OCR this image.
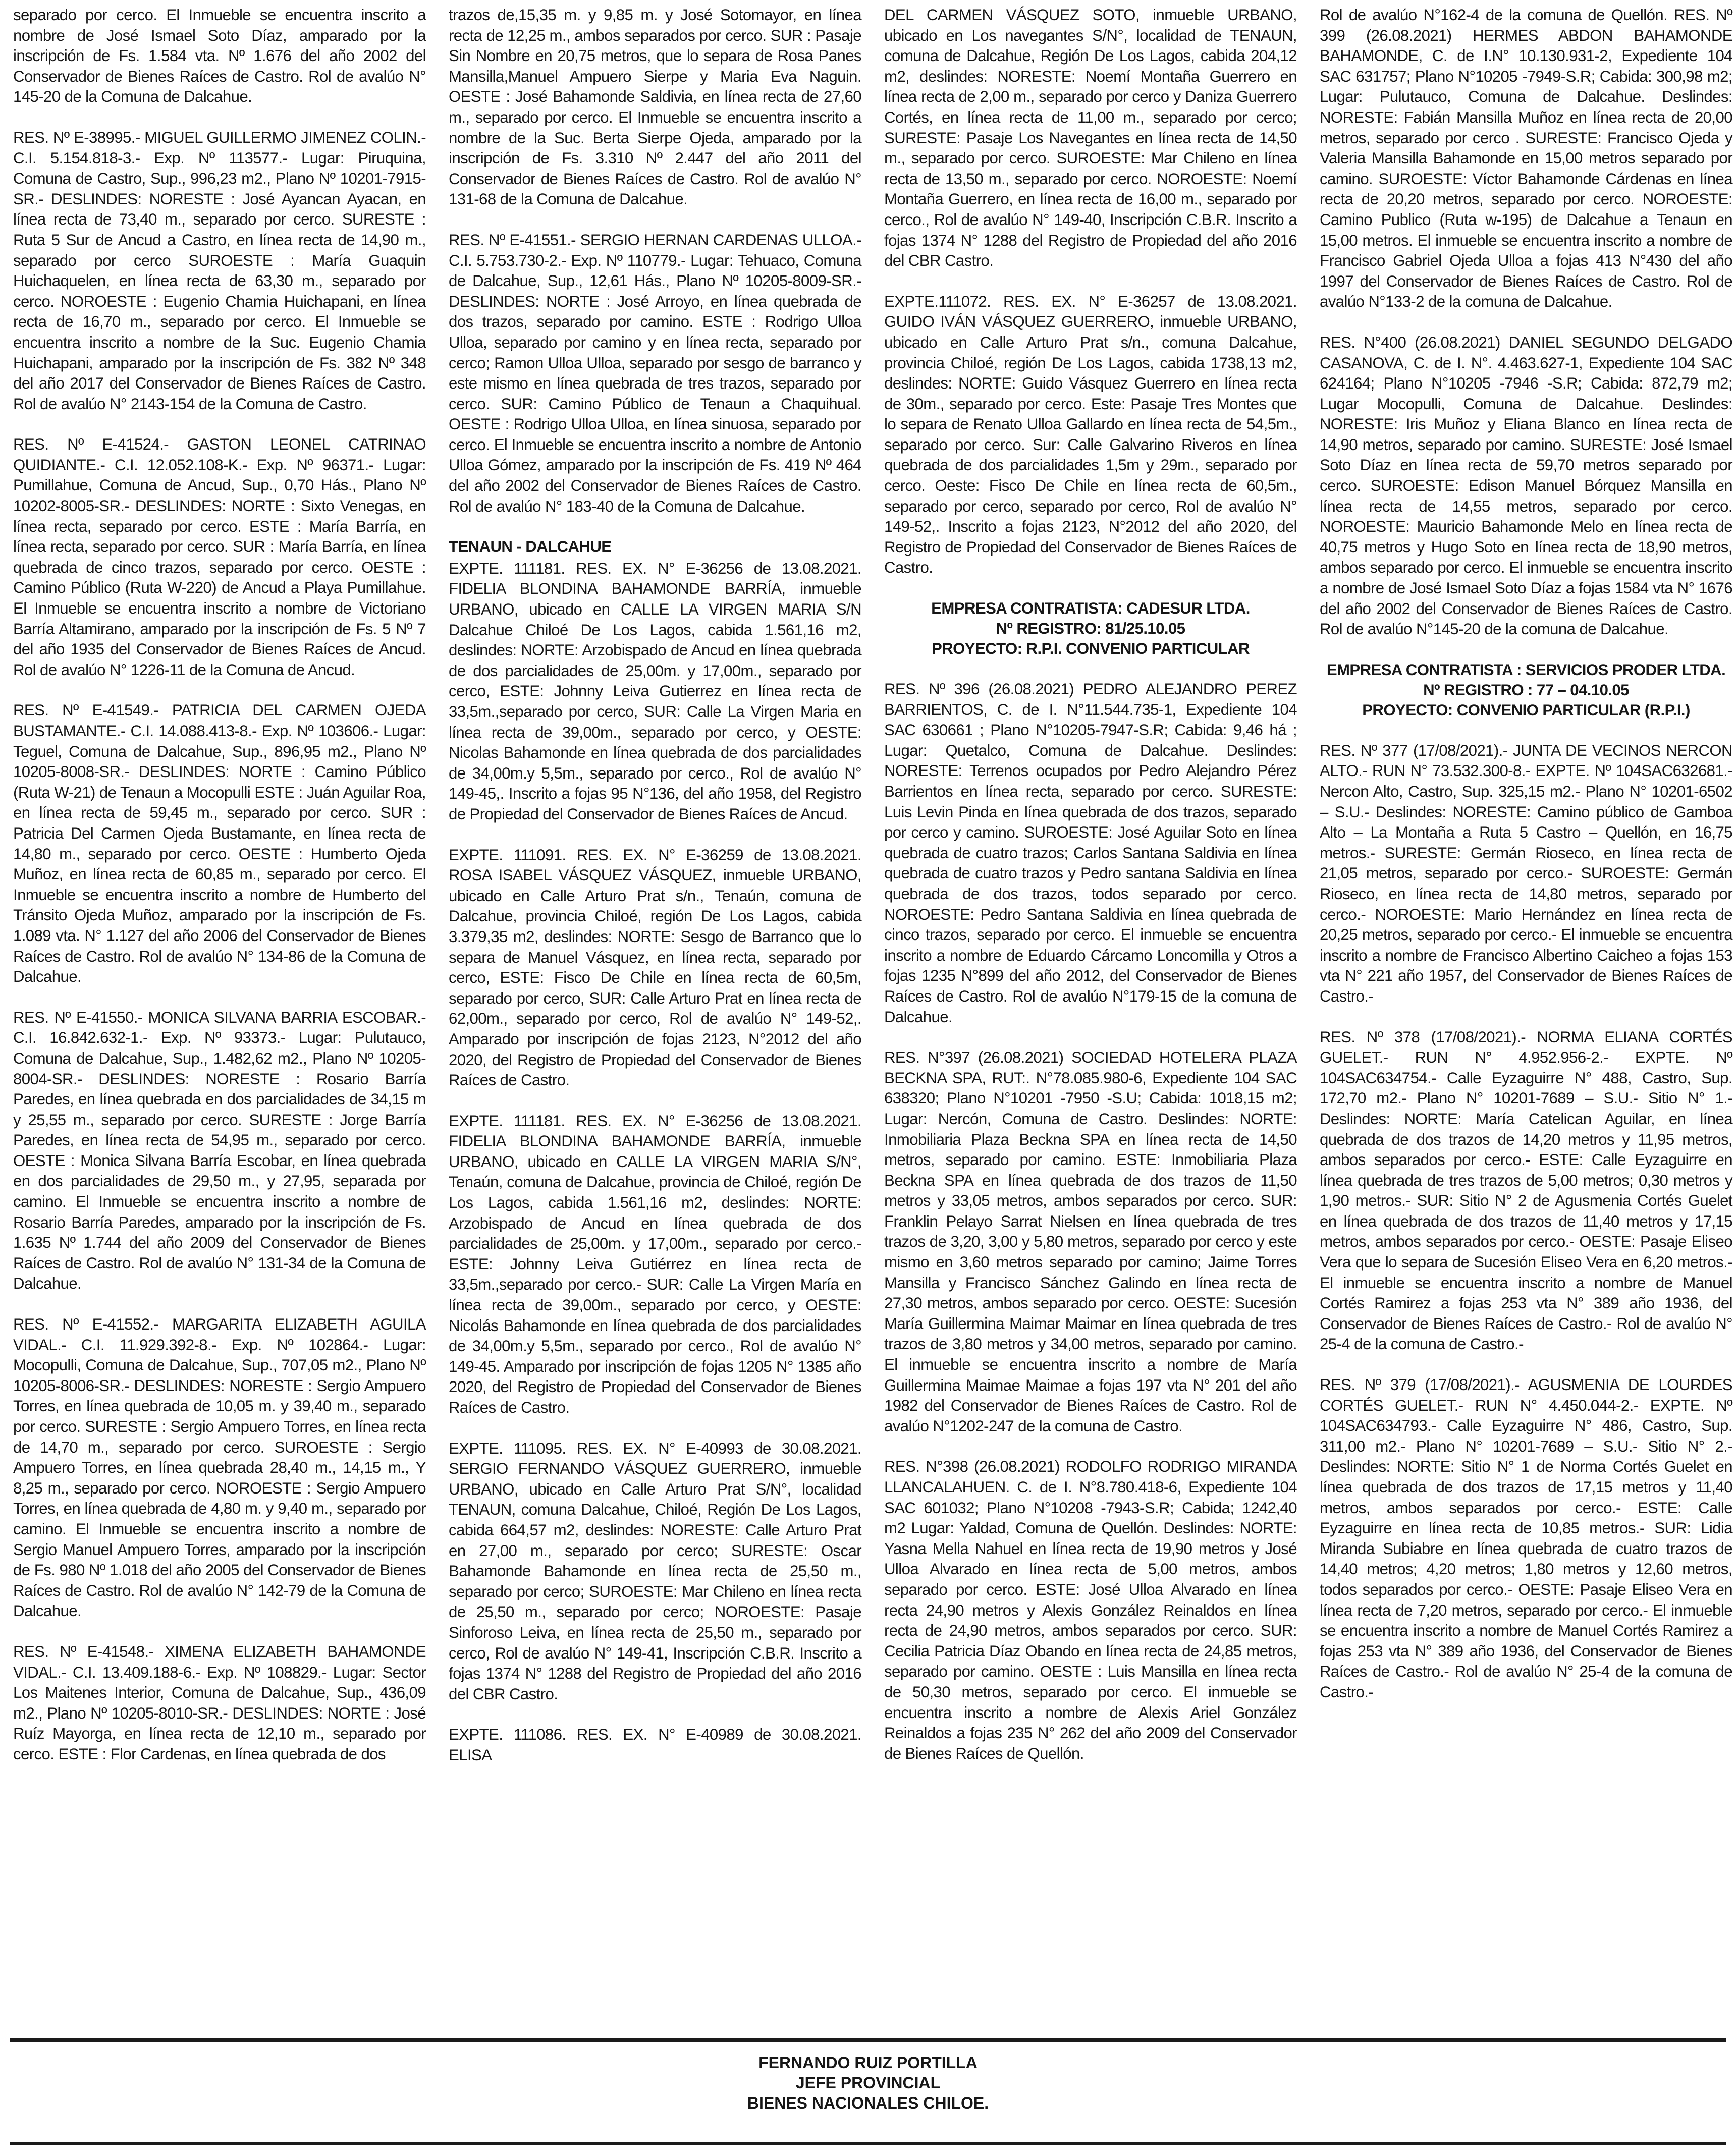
separado por cerco. El Inmueble se encuentra inscrito a nombre de José Ismael Soto Díaz, amparado por la inscripción de Fs. 1.584 vta. Nº 1.676 del año 2002 del Conservador de Bienes Raíces de Castro. Rol de avalúo N° 145-20 de la Comuna de Dalcahue.

RES. Nº E-38995.- MIGUEL GUILLERMO JIMENEZ COLIN.- C.I. 5.154.818-3.- Exp. Nº 113577.- Lugar: Piruquina, Comuna de Castro, Sup., 996,23 m2., Plano Nº 10201-7915-SR.- DESLINDES: NORESTE : José Ayancan Ayacan, en línea recta de 73,40 m., separado por cerco. SURESTE : Ruta 5 Sur de Ancud a Castro, en línea recta de 14,90 m., separado por cerco SUROESTE : María Guaquin Huichaquelen, en línea recta de 63,30 m., separado por cerco. NOROESTE : Eugenio Chamia Huichapani, en línea recta de 16,70 m., separado por cerco. El Inmueble se encuentra inscrito a nombre de la Suc. Eugenio Chamia Huichapani, amparado por la inscripción de Fs. 382 Nº 348 del año 2017 del Conservador de Bienes Raíces de Castro. Rol de avalúo N° 2143-154 de la Comuna de Castro.

RES. Nº E-41524.- GASTON LEONEL CATRINAO QUIDIANTE.- C.I. 12.052.108-K.- Exp. Nº 96371.- Lugar: Pumillahue, Comuna de Ancud, Sup., 0,70 Hás., Plano Nº 10202-8005-SR.- DESLINDES: NORTE : Sixto Venegas, en línea recta, separado por cerco. ESTE : María Barría, en línea recta, separado por cerco. SUR : María Barría, en línea quebrada de cinco trazos, separado por cerco. OESTE : Camino Público (Ruta W-220) de Ancud a Playa Pumillahue. El Inmueble se encuentra inscrito a nombre de Victoriano Barría Altamirano, amparado por la inscripción de Fs. 5 Nº 7 del año 1935 del Conservador de Bienes Raíces de Ancud. Rol de avalúo N° 1226-11 de la Comuna de Ancud.

RES. Nº E-41549.- PATRICIA DEL CARMEN OJEDA BUSTAMANTE.- C.I. 14.088.413-8.- Exp. Nº 103606.- Lugar: Teguel, Comuna de Dalcahue, Sup., 896,95 m2., Plano Nº 10205-8008-SR.- DESLINDES: NORTE : Camino Público (Ruta W-21) de Tenaun a Mocopulli ESTE : Juán Aguilar Roa, en línea recta de 59,45 m., separado por cerco. SUR : Patricia Del Carmen Ojeda Bustamante, en línea recta de 14,80 m., separado por cerco. OESTE : Humberto Ojeda Muñoz, en línea recta de 60,85 m., separado por cerco. El Inmueble se encuentra inscrito a nombre de Humberto del Tránsito Ojeda Muñoz, amparado por la inscripción de Fs. 1.089 vta. N° 1.127 del año 2006 del Conservador de Bienes Raíces de Castro. Rol de avalúo N° 134-86 de la Comuna de Dalcahue.

RES. Nº E-41550.- MONICA SILVANA BARRIA ESCOBAR.- C.I. 16.842.632-1.- Exp. Nº 93373.- Lugar: Pulutauco, Comuna de Dalcahue, Sup., 1.482,62 m2., Plano Nº 10205-8004-SR.- DESLINDES: NORESTE : Rosario Barría Paredes, en línea quebrada en dos parcialidades de 34,15 m y 25,55 m., separado por cerco. SURESTE : Jorge Barría Paredes, en línea recta de 54,95 m., separado por cerco. OESTE : Monica Silvana Barría Escobar, en línea quebrada en dos parcialidades de 29,50 m., y 27,95, separada por camino. El Inmueble se encuentra inscrito a nombre de Rosario Barría Paredes, amparado por la inscripción de Fs. 1.635 Nº 1.744 del año 2009 del Conservador de Bienes Raíces de Castro. Rol de avalúo N° 131-34 de la Comuna de Dalcahue.

RES. Nº E-41552.- MARGARITA ELIZABETH AGUILA VIDAL.- C.I. 11.929.392-8.- Exp. Nº 102864.- Lugar: Mocopulli, Comuna de Dalcahue, Sup., 707,05 m2., Plano Nº 10205-8006-SR.- DESLINDES: NORESTE : Sergio Ampuero Torres, en línea quebrada de 10,05 m. y 39,40 m., separado por cerco. SURESTE : Sergio Ampuero Torres, en línea recta de 14,70 m., separado por cerco. SUROESTE : Sergio Ampuero Torres, en línea quebrada 28,40 m., 14,15 m., Y 8,25 m., separado por cerco. NOROESTE : Sergio Ampuero Torres, en línea quebrada de 4,80 m. y 9,40 m., separado por camino. El Inmueble se encuentra inscrito a nombre de Sergio Manuel Ampuero Torres, amparado por la inscripción de Fs. 980 Nº 1.018 del año 2005 del Conservador de Bienes Raíces de Castro. Rol de avalúo N° 142-79 de la Comuna de Dalcahue.

RES. Nº E-41548.- XIMENA ELIZABETH BAHAMONDE VIDAL.- C.I. 13.409.188-6.- Exp. Nº 108829.- Lugar: Sector Los Maitenes Interior, Comuna de Dalcahue, Sup., 436,09 m2., Plano Nº 10205-8010-SR.- DESLINDES: NORTE : José Ruíz Mayorga, en línea recta de 12,10 m., separado por cerco. ESTE : Flor Cardenas, en línea quebrada de dos

trazos de,15,35 m. y 9,85 m. y José Sotomayor, en línea recta de 12,25 m., ambos separados por cerco. SUR : Pasaje Sin Nombre en 20,75 metros, que lo separa de Rosa Panes Mansilla,Manuel Ampuero Sierpe y Maria Eva Naguin. OESTE : José Bahamonde Saldivia, en línea recta de 27,60 m., separado por cerco. El Inmueble se encuentra inscrito a nombre de la Suc. Berta Sierpe Ojeda, amparado por la inscripción de Fs. 3.310 Nº 2.447 del año 2011 del Conservador de Bienes Raíces de Castro. Rol de avalúo N° 131-68 de la Comuna de Dalcahue.

RES. Nº E-41551.- SERGIO HERNAN CARDENAS ULLOA.- C.I. 5.753.730-2.- Exp. Nº 110779.- Lugar: Tehuaco, Comuna de Dalcahue, Sup., 12,61 Hás., Plano Nº 10205-8009-SR.- DESLINDES: NORTE : José Arroyo, en línea quebrada de dos trazos, separado por camino. ESTE : Rodrigo Ulloa Ulloa, separado por camino y en línea recta, separado por cerco; Ramon Ulloa Ulloa, separado por sesgo de barranco y este mismo en línea quebrada de tres trazos, separado por cerco. SUR: Camino Público de Tenaun a Chaquihual. OESTE : Rodrigo Ulloa Ulloa, en línea sinuosa, separado por cerco. El Inmueble se encuentra inscrito a nombre de Antonio Ulloa Gómez, amparado por la inscripción de Fs. 419 Nº 464 del año 2002 del Conservador de Bienes Raíces de Castro. Rol de avalúo N° 183-40 de la Comuna de Dalcahue.

TENAUN - DALCAHUE

EXPTE. 111181. RES. EX. N° E-36256 de 13.08.2021. FIDELIA BLONDINA BAHAMONDE BARRÍA, inmueble URBANO, ubicado en CALLE LA VIRGEN MARIA S/N Dalcahue Chiloé De Los Lagos, cabida 1.561,16 m2, deslindes: NORTE: Arzobispado de Ancud en línea quebrada de dos parcialidades de 25,00m. y 17,00m., separado por cerco, ESTE: Johnny Leiva Gutierrez en línea recta de 33,5m.,separado por cerco, SUR: Calle La Virgen Maria en línea recta de 39,00m., separado por cerco, y OESTE: Nicolas Bahamonde en línea quebrada de dos parcialidades de 34,00m.y 5,5m., separado por cerco., Rol de avalúo N° 149-45,. Inscrito a fojas 95 N°136, del año 1958, del Registro de Propiedad del Conservador de Bienes Raíces de Ancud.

EXPTE. 111091. RES. EX. N° E-36259 de 13.08.2021. ROSA ISABEL VÁSQUEZ VÁSQUEZ, inmueble URBANO, ubicado en Calle Arturo Prat s/n., Tenaún, comuna de Dalcahue, provincia Chiloé, región De Los Lagos, cabida 3.379,35 m2, deslindes: NORTE: Sesgo de Barranco que lo separa de Manuel Vásquez, en línea recta, separado por cerco, ESTE: Fisco De Chile en línea recta de 60,5m, separado por cerco, SUR: Calle Arturo Prat en línea recta de 62,00m., separado por cerco, Rol de avalúo N° 149-52,. Amparado por inscripción de fojas 2123, N°2012 del año 2020, del Registro de Propiedad del Conservador de Bienes Raíces de Castro.

EXPTE. 111181. RES. EX. N° E-36256 de 13.08.2021. FIDELIA BLONDINA BAHAMONDE BARRÍA, inmueble URBANO, ubicado en CALLE LA VIRGEN MARIA S/N°, Tenaún, comuna de Dalcahue, provincia de Chiloé, región De Los Lagos, cabida 1.561,16 m2, deslindes: NORTE: Arzobispado de Ancud en línea quebrada de dos parcialidades de 25,00m. y 17,00m., separado por cerco.- ESTE: Johnny Leiva Gutiérrez en línea recta de 33,5m.,separado por cerco.- SUR: Calle La Virgen María en línea recta de 39,00m., separado por cerco, y OESTE: Nicolás Bahamonde en línea quebrada de dos parcialidades de 34,00m.y 5,5m., separado por cerco., Rol de avalúo N° 149-45. Amparado por inscripción de fojas 1205 N° 1385 año 2020, del Registro de Propiedad del Conservador de Bienes Raíces de Castro.

EXPTE. 111095. RES. EX. N° E-40993 de 30.08.2021. SERGIO FERNANDO VÁSQUEZ GUERRERO, inmueble URBANO, ubicado en Calle Arturo Prat S/N°, localidad TENAUN, comuna Dalcahue, Chiloé, Región De Los Lagos, cabida 664,57 m2, deslindes: NORESTE: Calle Arturo Prat en 27,00 m., separado por cerco; SURESTE: Oscar Bahamonde Bahamonde en línea recta de 25,50 m., separado por cerco; SUROESTE: Mar Chileno en línea recta de 25,50 m., separado por cerco; NOROESTE: Pasaje Sinforoso Leiva, en línea recta de 25,50 m., separado por cerco, Rol de avalúo N° 149-41, Inscripción C.B.R. Inscrito a fojas 1374 N° 1288 del Registro de Propiedad del año 2016 del CBR Castro.

EXPTE. 111086. RES. EX. N° E-40989 de 30.08.2021. ELISA

DEL CARMEN VÁSQUEZ SOTO, inmueble URBANO, ubicado en Los navegantes S/N°, localidad de TENAUN, comuna de Dalcahue, Región De Los Lagos, cabida 204,12 m2, deslindes: NORESTE: Noemí Montaña Guerrero en línea recta de 2,00 m., separado por cerco y Daniza Guerrero Cortés, en línea recta de 11,00 m., separado por cerco; SURESTE: Pasaje Los Navegantes en línea recta de 14,50 m., separado por cerco. SUROESTE: Mar Chileno en línea recta de 13,50 m., separado por cerco. NOROESTE: Noemí Montaña Guerrero, en línea recta de 16,00 m., separado por cerco., Rol de avalúo N° 149-40, Inscripción C.B.R. Inscrito a fojas 1374 N° 1288 del Registro de Propiedad del año 2016 del CBR Castro.

EXPTE.111072. RES. EX. N° E-36257 de 13.08.2021. GUIDO IVÁN VÁSQUEZ GUERRERO, inmueble URBANO, ubicado en Calle Arturo Prat s/n., comuna Dalcahue, provincia Chiloé, región De Los Lagos, cabida 1738,13 m2, deslindes: NORTE: Guido Vásquez Guerrero en línea recta de 30m., separado por cerco. Este: Pasaje Tres Montes que lo separa de Renato Ulloa Gallardo en línea recta de 54,5m., separado por cerco. Sur: Calle Galvarino Riveros en línea quebrada de dos parcialidades 1,5m y 29m., separado por cerco. Oeste: Fisco De Chile en línea recta de 60,5m., separado por cerco, separado por cerco, Rol de avalúo N° 149-52,. Inscrito a fojas 2123, N°2012 del año 2020, del Registro de Propiedad del Conservador de Bienes Raíces de Castro.

EMPRESA CONTRATISTA: CADESUR LTDA.
Nº REGISTRO: 81/25.10.05
PROYECTO: R.P.I. CONVENIO PARTICULAR

RES. Nº 396 (26.08.2021) PEDRO ALEJANDRO PEREZ BARRIENTOS, C. de I. N°11.544.735-1, Expediente 104 SAC 630661 ; Plano N°10205-7947-S.R; Cabida: 9,46 há ; Lugar: Quetalco, Comuna de Dalcahue. Deslindes: NORESTE: Terrenos ocupados por Pedro Alejandro Pérez Barrientos en línea recta, separado por cerco. SURESTE: Luis Levin Pinda en línea quebrada de dos trazos, separado por cerco y camino. SUROESTE: José Aguilar Soto en línea quebrada de cuatro trazos; Carlos Santana Saldivia en línea quebrada de cuatro trazos y Pedro santana Saldivia en línea quebrada de dos trazos, todos separado por cerco. NOROESTE: Pedro Santana Saldivia en línea quebrada de cinco trazos, separado por cerco. El inmueble se encuentra inscrito a nombre de Eduardo Cárcamo Loncomilla y Otros a fojas 1235 N°899 del año 2012, del Conservador de Bienes Raíces de Castro. Rol de avalúo N°179-15 de la comuna de Dalcahue.

RES. N°397 (26.08.2021) SOCIEDAD HOTELERA PLAZA BECKNA SPA, RUT:. N°78.085.980-6, Expediente 104 SAC 638320; Plano N°10201 -7950 -S.U; Cabida: 1018,15 m2; Lugar: Nercón, Comuna de Castro. Deslindes: NORTE: Inmobiliaria Plaza Beckna SPA en línea recta de 14,50 metros, separado por camino. ESTE: Inmobiliaria Plaza Beckna SPA en línea quebrada de dos trazos de 11,50 metros y 33,05 metros, ambos separados por cerco. SUR: Franklin Pelayo Sarrat Nielsen en línea quebrada de tres trazos de 3,20, 3,00 y 5,80 metros, separado por cerco y este mismo en 3,60 metros separado por camino; Jaime Torres Mansilla y Francisco Sánchez Galindo en línea recta de 27,30 metros, ambos separado por cerco. OESTE: Sucesión María Guillermina Maimar Maimar en línea quebrada de tres trazos de 3,80 metros y 34,00 metros, separado por camino. El inmueble se encuentra inscrito a nombre de María Guillermina Maimae Maimae a fojas 197 vta N° 201 del año 1982 del Conservador de Bienes Raíces de Castro. Rol de avalúo N°1202-247 de la comuna de Castro.

RES. N°398 (26.08.2021) RODOLFO RODRIGO MIRANDA LLANCALAHUEN. C. de I. N°8.780.418-6, Expediente 104 SAC 601032; Plano N°10208 -7943-S.R; Cabida; 1242,40 m2 Lugar: Yaldad, Comuna de Quellón. Deslindes: NORTE: Yasna Mella Nahuel en línea recta de 19,90 metros y José Ulloa Alvarado en línea recta de 5,00 metros, ambos separado por cerco. ESTE: José Ulloa Alvarado en línea recta 24,90 metros y Alexis González Reinaldos en línea recta de 24,90 metros, ambos separados por cerco. SUR: Cecilia Patricia Díaz Obando en línea recta de 24,85 metros, separado por camino. OESTE : Luis Mansilla en línea recta de 50,30 metros, separado por cerco. El inmueble se encuentra inscrito a nombre de Alexis Ariel González Reinaldos a fojas 235 N° 262 del año 2009 del Conservador de Bienes Raíces de Quellón.

Rol de avalúo N°162-4 de la comuna de Quellón. RES. Nº 399 (26.08.2021) HERMES ABDON BAHAMONDE BAHAMONDE, C. de I.N° 10.130.931-2, Expediente 104 SAC 631757; Plano N°10205 -7949-S.R; Cabida: 300,98 m2; Lugar: Pulutauco, Comuna de Dalcahue. Deslindes: NORESTE: Fabián Mansilla Muñoz en línea recta de 20,00 metros, separado por cerco . SURESTE: Francisco Ojeda y Valeria Mansilla Bahamonde en 15,00 metros separado por camino. SUROESTE: Víctor Bahamonde Cárdenas en línea recta de 20,20 metros, separado por cerco. NOROESTE: Camino Publico (Ruta w-195) de Dalcahue a Tenaun en 15,00 metros. El inmueble se encuentra inscrito a nombre de Francisco Gabriel Ojeda Ulloa a fojas 413 N°430 del año 1997 del Conservador de Bienes Raíces de Castro. Rol de avalúo N°133-2 de la comuna de Dalcahue.

RES. N°400 (26.08.2021) DANIEL SEGUNDO DELGADO CASANOVA, C. de I. N°. 4.463.627-1, Expediente 104 SAC 624164; Plano N°10205 -7946 -S.R; Cabida: 872,79 m2; Lugar Mocopulli, Comuna de Dalcahue. Deslindes: NORESTE: Iris Muñoz y Eliana Blanco en línea recta de 14,90 metros, separado por camino. SURESTE: José Ismael Soto Díaz en línea recta de 59,70 metros separado por cerco. SUROESTE: Edison Manuel Bórquez Mansilla en línea recta de 14,55 metros, separado por cerco. NOROESTE: Mauricio Bahamonde Melo en línea recta de 40,75 metros y Hugo Soto en línea recta de 18,90 metros, ambos separado por cerco. El inmueble se encuentra inscrito a nombre de José Ismael Soto Díaz a fojas 1584 vta N° 1676 del año 2002 del Conservador de Bienes Raíces de Castro. Rol de avalúo N°145-20 de la comuna de Dalcahue.

EMPRESA CONTRATISTA : SERVICIOS PRODER LTDA.
Nº REGISTRO : 77 – 04.10.05
PROYECTO: CONVENIO PARTICULAR (R.P.I.)

RES. Nº 377 (17/08/2021).- JUNTA DE VECINOS NERCON ALTO.- RUN N° 73.532.300-8.- EXPTE. Nº 104SAC632681.- Nercon Alto, Castro, Sup. 325,15 m2.- Plano N° 10201-6502 – S.U.- Deslindes: NORESTE: Camino público de Gamboa Alto – La Montaña a Ruta 5 Castro – Quellón, en 16,75 metros.- SURESTE: Germán Rioseco, en línea recta de 21,05 metros, separado por cerco.- SUROESTE: Germán Rioseco, en línea recta de 14,80 metros, separado por cerco.- NOROESTE: Mario Hernández en línea recta de 20,25 metros, separado por cerco.- El inmueble se encuentra inscrito a nombre de Francisco Albertino Caicheo a fojas 153 vta N° 221 año 1957, del Conservador de Bienes Raíces de Castro.-

RES. Nº 378 (17/08/2021).- NORMA ELIANA CORTÉS GUELET.- RUN N° 4.952.956-2.- EXPTE. Nº 104SAC634754.- Calle Eyzaguirre N° 488, Castro, Sup. 172,70 m2.- Plano N° 10201-7689 – S.U.- Sitio N° 1.- Deslindes: NORTE: María Catelican Aguilar, en línea quebrada de dos trazos de 14,20 metros y 11,95 metros, ambos separados por cerco.- ESTE: Calle Eyzaguirre en línea quebrada de tres trazos de 5,00 metros; 0,30 metros y 1,90 metros.- SUR: Sitio N° 2 de Agusmenia Cortés Guelet en línea quebrada de dos trazos de 11,40 metros y 17,15 metros, ambos separados por cerco.- OESTE: Pasaje Eliseo Vera que lo separa de Sucesión Eliseo Vera en 6,20 metros.- El inmueble se encuentra inscrito a nombre de Manuel Cortés Ramirez a fojas 253 vta N° 389 año 1936, del Conservador de Bienes Raíces de Castro.- Rol de avalúo N° 25-4 de la comuna de Castro.-

RES. Nº 379 (17/08/2021).- AGUSMENIA DE LOURDES CORTÉS GUELET.- RUN N° 4.450.044-2.- EXPTE. Nº 104SAC634793.- Calle Eyzaguirre N° 486, Castro, Sup. 311,00 m2.- Plano N° 10201-7689 – S.U.- Sitio N° 2.- Deslindes: NORTE: Sitio N° 1 de Norma Cortés Guelet en línea quebrada de dos trazos de 17,15 metros y 11,40 metros, ambos separados por cerco.- ESTE: Calle Eyzaguirre en línea recta de 10,85 metros.- SUR: Lidia Miranda Subiabre en línea quebrada de cuatro trazos de 14,40 metros; 4,20 metros; 1,80 metros y 12,60 metros, todos separados por cerco.- OESTE: Pasaje Eliseo Vera en línea recta de 7,20 metros, separado por cerco.- El inmueble se encuentra inscrito a nombre de Manuel Cortés Ramirez a fojas 253 vta N° 389 año 1936, del Conservador de Bienes Raíces de Castro.- Rol de avalúo N° 25-4 de la comuna de Castro.-

FERNANDO RUIZ PORTILLA
JEFE PROVINCIAL
BIENES NACIONALES CHILOE.
